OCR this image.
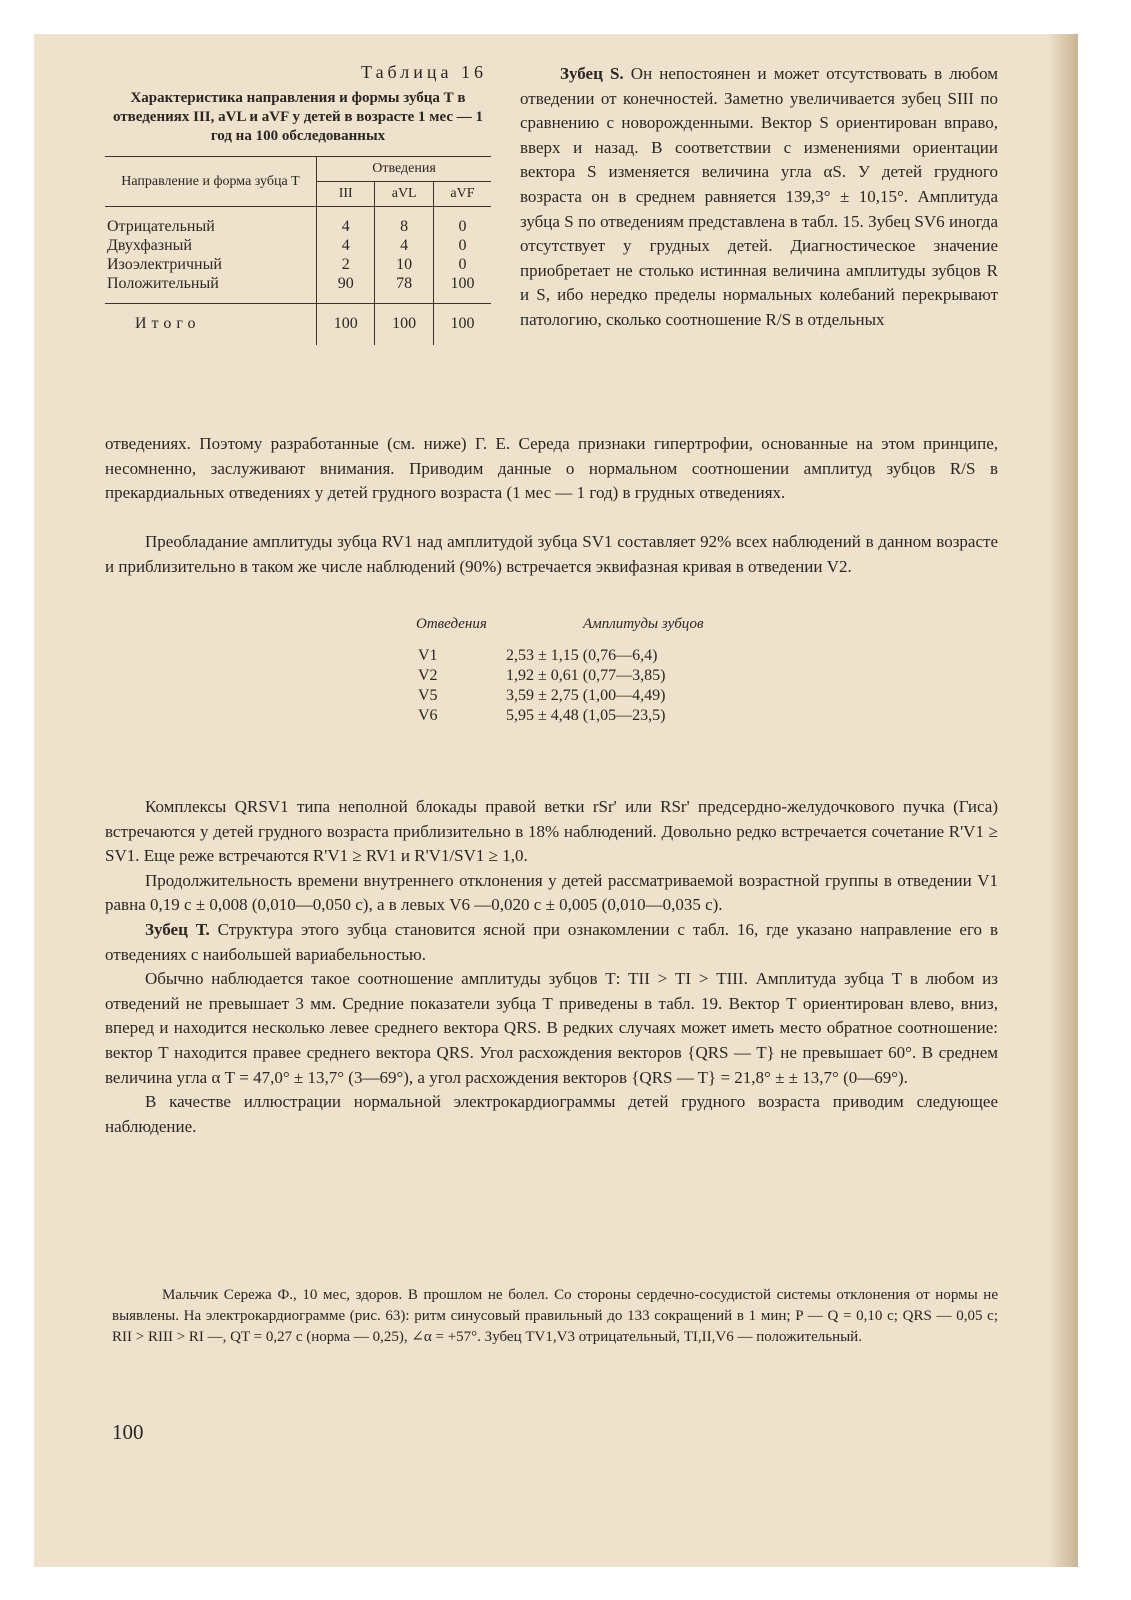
Таблица 16
Характеристика направления и формы зубца Т в отведениях III, aVL и aVF у детей в возрасте 1 мес — 1 год на 100 обследованных
Направление и форма зубца Т	Отведения		
	III	aVL	aVF
Отрицательный	4	8	0
Двухфазный	4	4	0
Изоэлектричный	2	10	0
Положительный	90	78	100
Итого	100	100	100

Зубец S. Он непостоянен и может отсутствовать в любом отведении от конечностей. Заметно увеличивается зубец SIII по сравнению с новорожденными. Вектор S ориентирован вправо, вверх и назад. В соответствии с изменениями ориентации вектора S изменяется величина угла αS. У детей грудного возраста он в среднем равняется 139,3° ± 10,15°. Амплитуда зубца S по отведениям представлена в табл. 15. Зубец SV6 иногда отсутствует у грудных детей. Диагностическое значение приобретает не столько истинная величина амплитуды зубцов R и S, ибо нередко пределы нормальных колебаний перекрывают патологию, сколько соотношение R/S в отдельных

отведениях. Поэтому разработанные (см. ниже) Г. Е. Середа признаки гипертрофии, основанные на этом принципе, несомненно, заслуживают внимания. Приводим данные о нормальном соотношении амплитуд зубцов R/S в прекардиальных отведениях у детей грудного возраста (1 мес — 1 год) в грудных отведениях.

Преобладание амплитуды зубца RV1 над амплитудой зубца SV1 составляет 92% всех наблюдений в данном возрасте и приблизительно в таком же числе наблюдений (90%) встречается эквифазная кривая в отведении V2.

Отведения	Амплитуды зубцов
V1	2,53 ± 1,15 (0,76—6,4)
V2	1,92 ± 0,61 (0,77—3,85)
V5	3,59 ± 2,75 (1,00—4,49)
V6	5,95 ± 4,48 (1,05—23,5)

Комплексы QRSV1 типа неполной блокады правой ветки rSr' или RSr' предсердно-желудочкового пучка (Гиса) встречаются у детей грудного возраста приблизительно в 18% наблюдений. Довольно редко встречается сочетание R'V1 ≥ SV1. Еще реже встречаются R'V1 ≥ RV1 и R'V1/SV1 ≥ 1,0.

Продолжительность времени внутреннего отклонения у детей рассматриваемой возрастной группы в отведении V1 равна 0,19 с ± 0,008 (0,010—0,050 с), а в левых V6 —0,020 с ± 0,005 (0,010—0,035 с).

Зубец Т. Структура этого зубца становится ясной при ознакомлении с табл. 16, где указано направление его в отведениях с наибольшей вариабельностью.

Обычно наблюдается такое соотношение амплитуды зубцов Т: ТII > ТI > ТIII. Амплитуда зубца Т в любом из отведений не превышает 3 мм. Средние показатели зубца Т приведены в табл. 19. Вектор Т ориентирован влево, вниз, вперед и находится несколько левее среднего вектора QRS. В редких случаях может иметь место обратное соотношение: вектор Т находится правее среднего вектора QRS. Угол расхождения векторов {QRS — T} не превышает 60°. В среднем величина угла α Т = 47,0° ± 13,7° (3—69°), а угол расхождения векторов {QRS — T} = 21,8° ± ± 13,7° (0—69°).

В качестве иллюстрации нормальной электрокардиограммы детей грудного возраста приводим следующее наблюдение.

Мальчик Сережа Ф., 10 мес, здоров. В прошлом не болел. Со стороны сердечно-сосудистой системы отклонения от нормы не выявлены. На электрокардиограмме (рис. 63): ритм синусовый правильный до 133 сокращений в 1 мин; P — Q = 0,10 с; QRS — 0,05 с; RII > RIII > RI —, QT = 0,27 с (норма — 0,25), ∠α = +57°. Зубец ТV1,V3 отрицательный, ТI,II,V6 — положительный.

100
